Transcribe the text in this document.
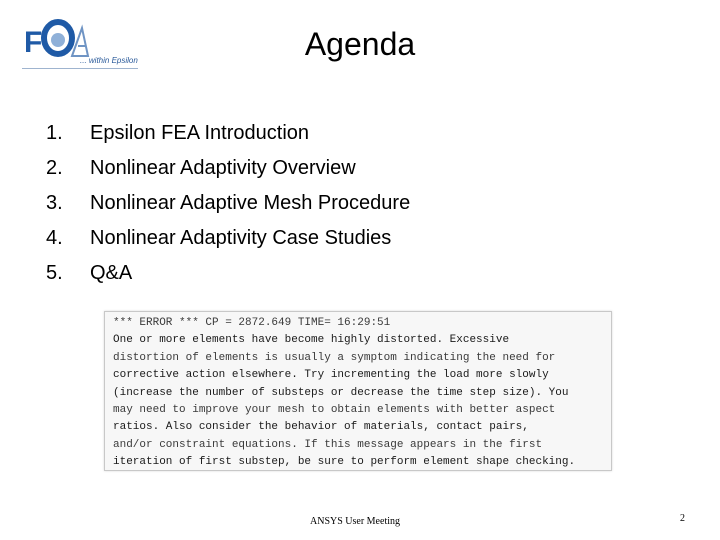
F
... within Epsilon	Agenda
1.	Epsilon FEA Introduction
2.	Nonlinear Adaptivity Overview
3.	Nonlinear Adaptive Mesh Procedure
4.	Nonlinear Adaptivity Case Studies
5.	Q&A
*** ERROR *** CP = 2872.649 TIME= 16:29:51
One or more elements have become highly distorted. Excessive
distortion of elements is usually a symptom indicating the need for
corrective action elsewhere. Try incrementing the load more slowly
(increase the number of substeps or decrease the time step size). You
may need to improve your mesh to obtain elements with better aspect
ratios. Also consider the behavior of materials, contact pairs,
and/or constraint equations. If this message appears in the first
iteration of first substep, be sure to perform element shape checking.
ANSYS User Meeting	2
